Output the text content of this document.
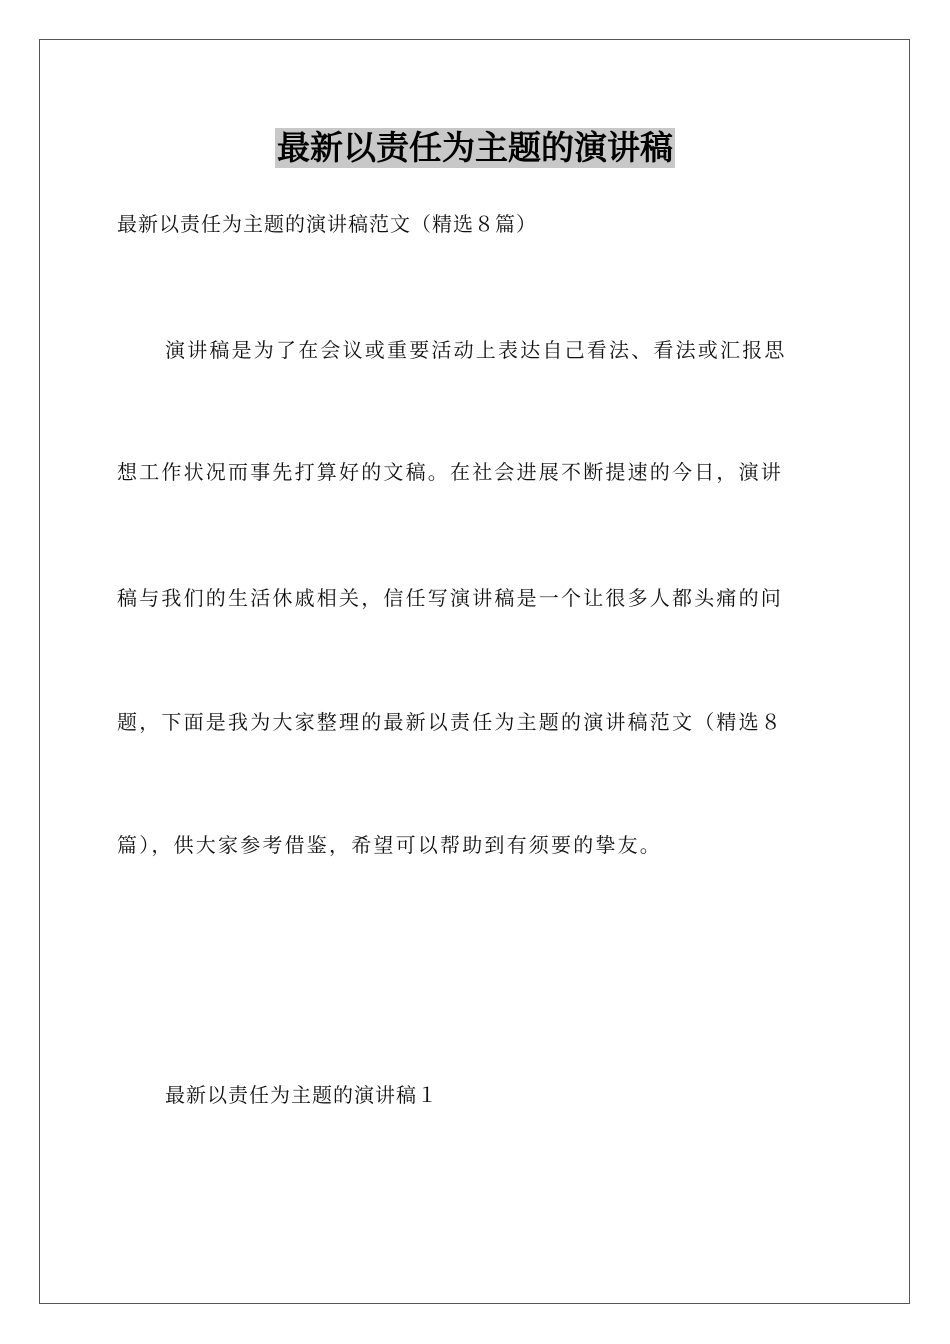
最新以责任为主题的演讲稿
最新以责任为主题的演讲稿范文（精选８篇）
演讲稿是为了在会议或重要活动上表达自己看法、看法或汇报思
想工作状况而事先打算好的文稿。在社会进展不断提速的今日，演讲
稿与我们的生活休戚相关，信任写演讲稿是一个让很多人都头痛的问
题，下面是我为大家整理的最新以责任为主题的演讲稿范文（精选８
篇），供大家参考借鉴，希望可以帮助到有须要的挚友。
最新以责任为主题的演讲稿１
